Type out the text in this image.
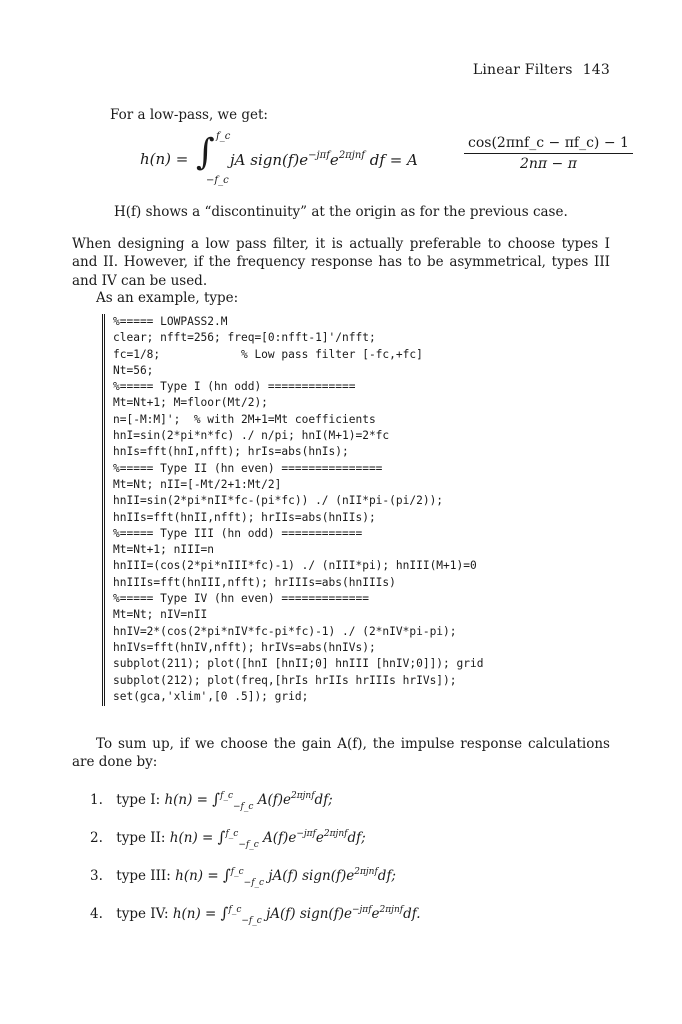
Linear Filters 143
For a low-pass, we get:
h(n) = ∫ f_c
−f_c
jA $sign(f)e^{-j\pi f}e^{2\pi jnf}$ df = A
cos(2πnf_c − πf_c) − 1
2nπ − π
H(f) shows a “discontinuity” at the origin as for the previous case.
When designing a low pass filter, it is actually preferable to choose types I and II. However, if the frequency response has to be asymmetrical, types III and IV can be used.
As an example, type:
%===== LOWPASS2.M
clear; nfft=256; freq=[0:nfft-1]'/nfft;
fc=1/8;            % Low pass filter [-fc,+fc]
Nt=56;
%===== Type I (hn odd) =============
Mt=Nt+1; M=floor(Mt/2);
n=[-M:M]';  % with 2M+1=Mt coefficients
hnI=sin(2*pi*n*fc) ./ n/pi; hnI(M+1)=2*fc
hnIs=fft(hnI,nfft); hrIs=abs(hnIs);
%===== Type II (hn even) ===============
Mt=Nt; nII=[-Mt/2+1:Mt/2]
hnII=sin(2*pi*nII*fc-(pi*fc)) ./ (nII*pi-(pi/2));
hnIIs=fft(hnII,nfft); hrIIs=abs(hnIIs);
%===== Type III (hn odd) ============
Mt=Nt+1; nIII=n
hnIII=(cos(2*pi*nIII*fc)-1) ./ (nIII*pi); hnIII(M+1)=0
hnIIIs=fft(hnIII,nfft); hrIIIs=abs(hnIIIs)
%===== Type IV (hn even) =============
Mt=Nt; nIV=nII
hnIV=2*(cos(2*pi*nIV*fc-pi*fc)-1) ./ (2*nIV*pi-pi);
hnIVs=fft(hnIV,nfft); hrIVs=abs(hnIVs);
subplot(211); plot([hnI [hnII;0] hnIII [hnIV;0]]); grid
subplot(212); plot(freq,[hrIs hrIIs hrIIIs hrIVs]);
set(gca,'xlim',[0 .5]); grid;
To sum up, if we choose the gain A(f), the impulse response calculations are done by:
1. type I: h(n) = ∫$^{f\_c}_{-f\_c}$ $A(f)e^{2\pi jnf}df$;
2. type II: h(n) = ∫$^{f\_c}_{-f\_c}$ $A(f)e^{-j\pi f}e^{2\pi jnf}df$;
3. type III: h(n) = ∫$^{f\_c}_{-f\_c}$ jA(f) $sign(f)e^{2\pi jnf}df$;
4. type IV: h(n) = ∫$^{f\_c}_{-f\_c}$ jA(f) $sign(f)e^{-j\pi f}e^{2\pi jnf}df$.
